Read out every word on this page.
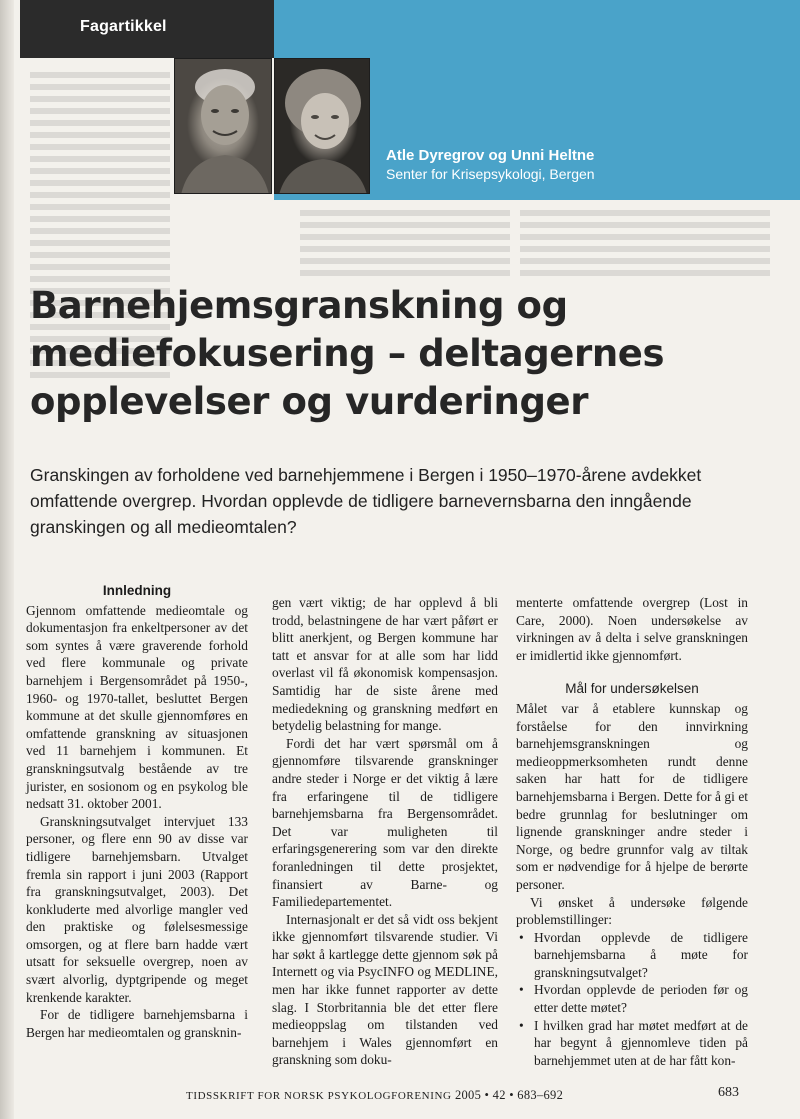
Fagartikkel
Atle Dyregrov og Unni Heltne
Senter for Krisepsykologi, Bergen
Barnehjemsgranskning og
mediefokusering – deltagernes
opplevelser og vurderinger

Granskingen av forholdene ved barnehjemmene i Bergen i 1950–1970-årene avdekket omfattende overgrep. Hvordan opplevde de tidligere barnevernsbarna den inngående granskingen og all medieomtalen?

Innledning

Gjennom omfattende medieomtale og dokumentasjon fra enkeltpersoner av det som syntes å være graverende forhold ved flere kommunale og private barnehjem i Bergensområdet på 1950-, 1960- og 1970-tallet, besluttet Bergen kommune at det skulle gjennomføres en omfattende granskning av situasjonen ved 11 barnehjem i kommunen. Et granskningsutvalg bestående av tre jurister, en sosionom og en psykolog ble nedsatt 31. oktober 2001.

Granskningsutvalget intervjuet 133 personer, og flere enn 90 av disse var tidligere barnehjemsbarn. Utvalget fremla sin rapport i juni 2003 (Rapport fra granskningsutvalget, 2003). Det konkluderte med alvorlige mangler ved den praktiske og følelsesmessige omsorgen, og at flere barn hadde vært utsatt for seksuelle overgrep, noen av svært alvorlig, dyptgripende og meget krenkende karakter.

For de tidligere barnehjemsbarna i Bergen har medieomtalen og gransknin-

gen vært viktig; de har opplevd å bli trodd, belastningene de har vært påført er blitt anerkjent, og Bergen kommune har tatt et ansvar for at alle som har lidd overlast vil få økonomisk kompensasjon. Samtidig har de siste årene med mediedekning og granskning medført en betydelig belastning for mange.

Fordi det har vært spørsmål om å gjennomføre tilsvarende granskninger andre steder i Norge er det viktig å lære fra erfaringene til de tidligere barnehjemsbarna fra Bergensområdet. Det var muligheten til erfaringsgenerering som var den direkte foranledningen til dette prosjektet, finansiert av Barne- og Familiedepartementet.

Internasjonalt er det så vidt oss bekjent ikke gjennomført tilsvarende studier. Vi har søkt å kartlegge dette gjennom søk på Internett og via PsycINFO og MEDLINE, men har ikke funnet rapporter av dette slag. I Storbritannia ble det etter flere medieoppslag om tilstanden ved barnehjem i Wales gjennomført en granskning som doku-

menterte omfattende overgrep (Lost in Care, 2000). Noen undersøkelse av virkningen av å delta i selve granskningen er imidlertid ikke gjennomført.

Mål for undersøkelsen

Målet var å etablere kunnskap og forståelse for den innvirkning barnehjemsgranskningen og medieoppmerksomheten rundt denne saken har hatt for de tidligere barnehjemsbarna i Bergen. Dette for å gi et bedre grunnlag for beslutninger om lignende granskninger andre steder i Norge, og bedre grunnfor valg av tiltak som er nødvendige for å hjelpe de berørte personer.

Vi ønsket å undersøke følgende problemstillinger:

• Hvordan opplevde de tidligere barnehjemsbarna å møte for granskningsutvalget?
• Hvordan opplevde de perioden før og etter dette møtet?
• I hvilken grad har møtet medført at de har begynt å gjennomleve tiden på barnehjemmet uten at de har fått kon-
TIDSSKRIFT FOR NORSK PSYKOLOGFORENING 2005 • 42 • 683–692	683
